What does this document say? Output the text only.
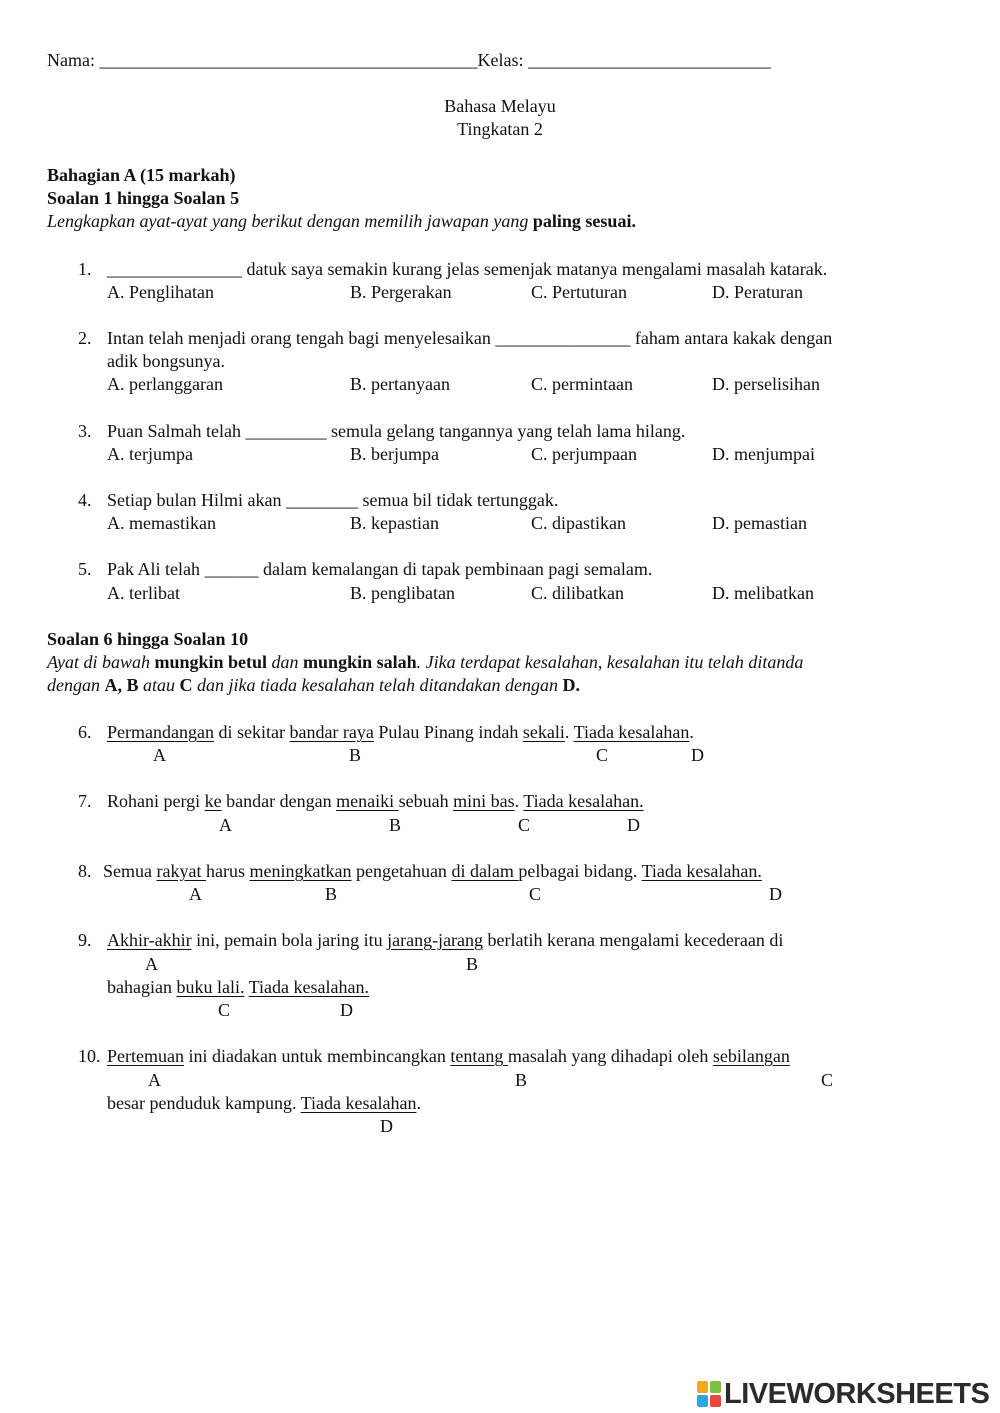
Nama: __________________________________________Kelas: ___________________________
Bahasa Melayu
Tingkatan 2
Bahagian A (15 markah)
Soalan 1 hingga Soalan 5
Lengkapkan ayat-ayat yang berikut dengan memilih jawapan yang paling sesuai.
1. _______________ datuk saya semakin kurang jelas semenjak matanya mengalami masalah katarak.
A. Penglihatan	B. Pergerakan	C. Pertuturan	D. Peraturan
2. Intan telah menjadi orang tengah bagi menyelesaikan _______________ faham antara kakak dengan
adik bongsunya.
A. perlanggaran	B. pertanyaan	C. permintaan	D. perselisihan
3. Puan Salmah telah _________ semula gelang tangannya yang telah lama hilang.
A. terjumpa	B. berjumpa	C. perjumpaan	D. menjumpai
4. Setiap bulan Hilmi akan ________ semua bil tidak tertunggak.
A. memastikan	B. kepastian	C. dipastikan	D. pemastian
5. Pak Ali telah ______ dalam kemalangan di tapak pembinaan pagi semalam.
A. terlibat	B. penglibatan	C. dilibatkan	D. melibatkan
Soalan 6 hingga Soalan 10
Ayat di bawah mungkin betul dan mungkin salah. Jika terdapat kesalahan, kesalahan itu telah ditanda
dengan A, B atau C dan jika tiada kesalahan telah ditandakan dengan D.
6. Permandangan di sekitar bandar raya Pulau Pinang indah sekali. Tiada kesalahan.
A	B	C	D
7. Rohani pergi ke bandar dengan menaiki sebuah mini bas. Tiada kesalahan.
A	B	C	D
8. Semua rakyat harus meningkatkan pengetahuan di dalam pelbagai bidang. Tiada kesalahan.
A	B	C	D
9. Akhir-akhir ini, pemain bola jaring itu jarang-jarang berlatih kerana mengalami kecederaan di
A	B
bahagian buku lali. Tiada kesalahan.
C	D
10. Pertemuan ini diadakan untuk membincangkan tentang masalah yang dihadapi oleh sebilangan
A	B	C
besar penduduk kampung. Tiada kesalahan.
D
LIVEWORKSHEETS
